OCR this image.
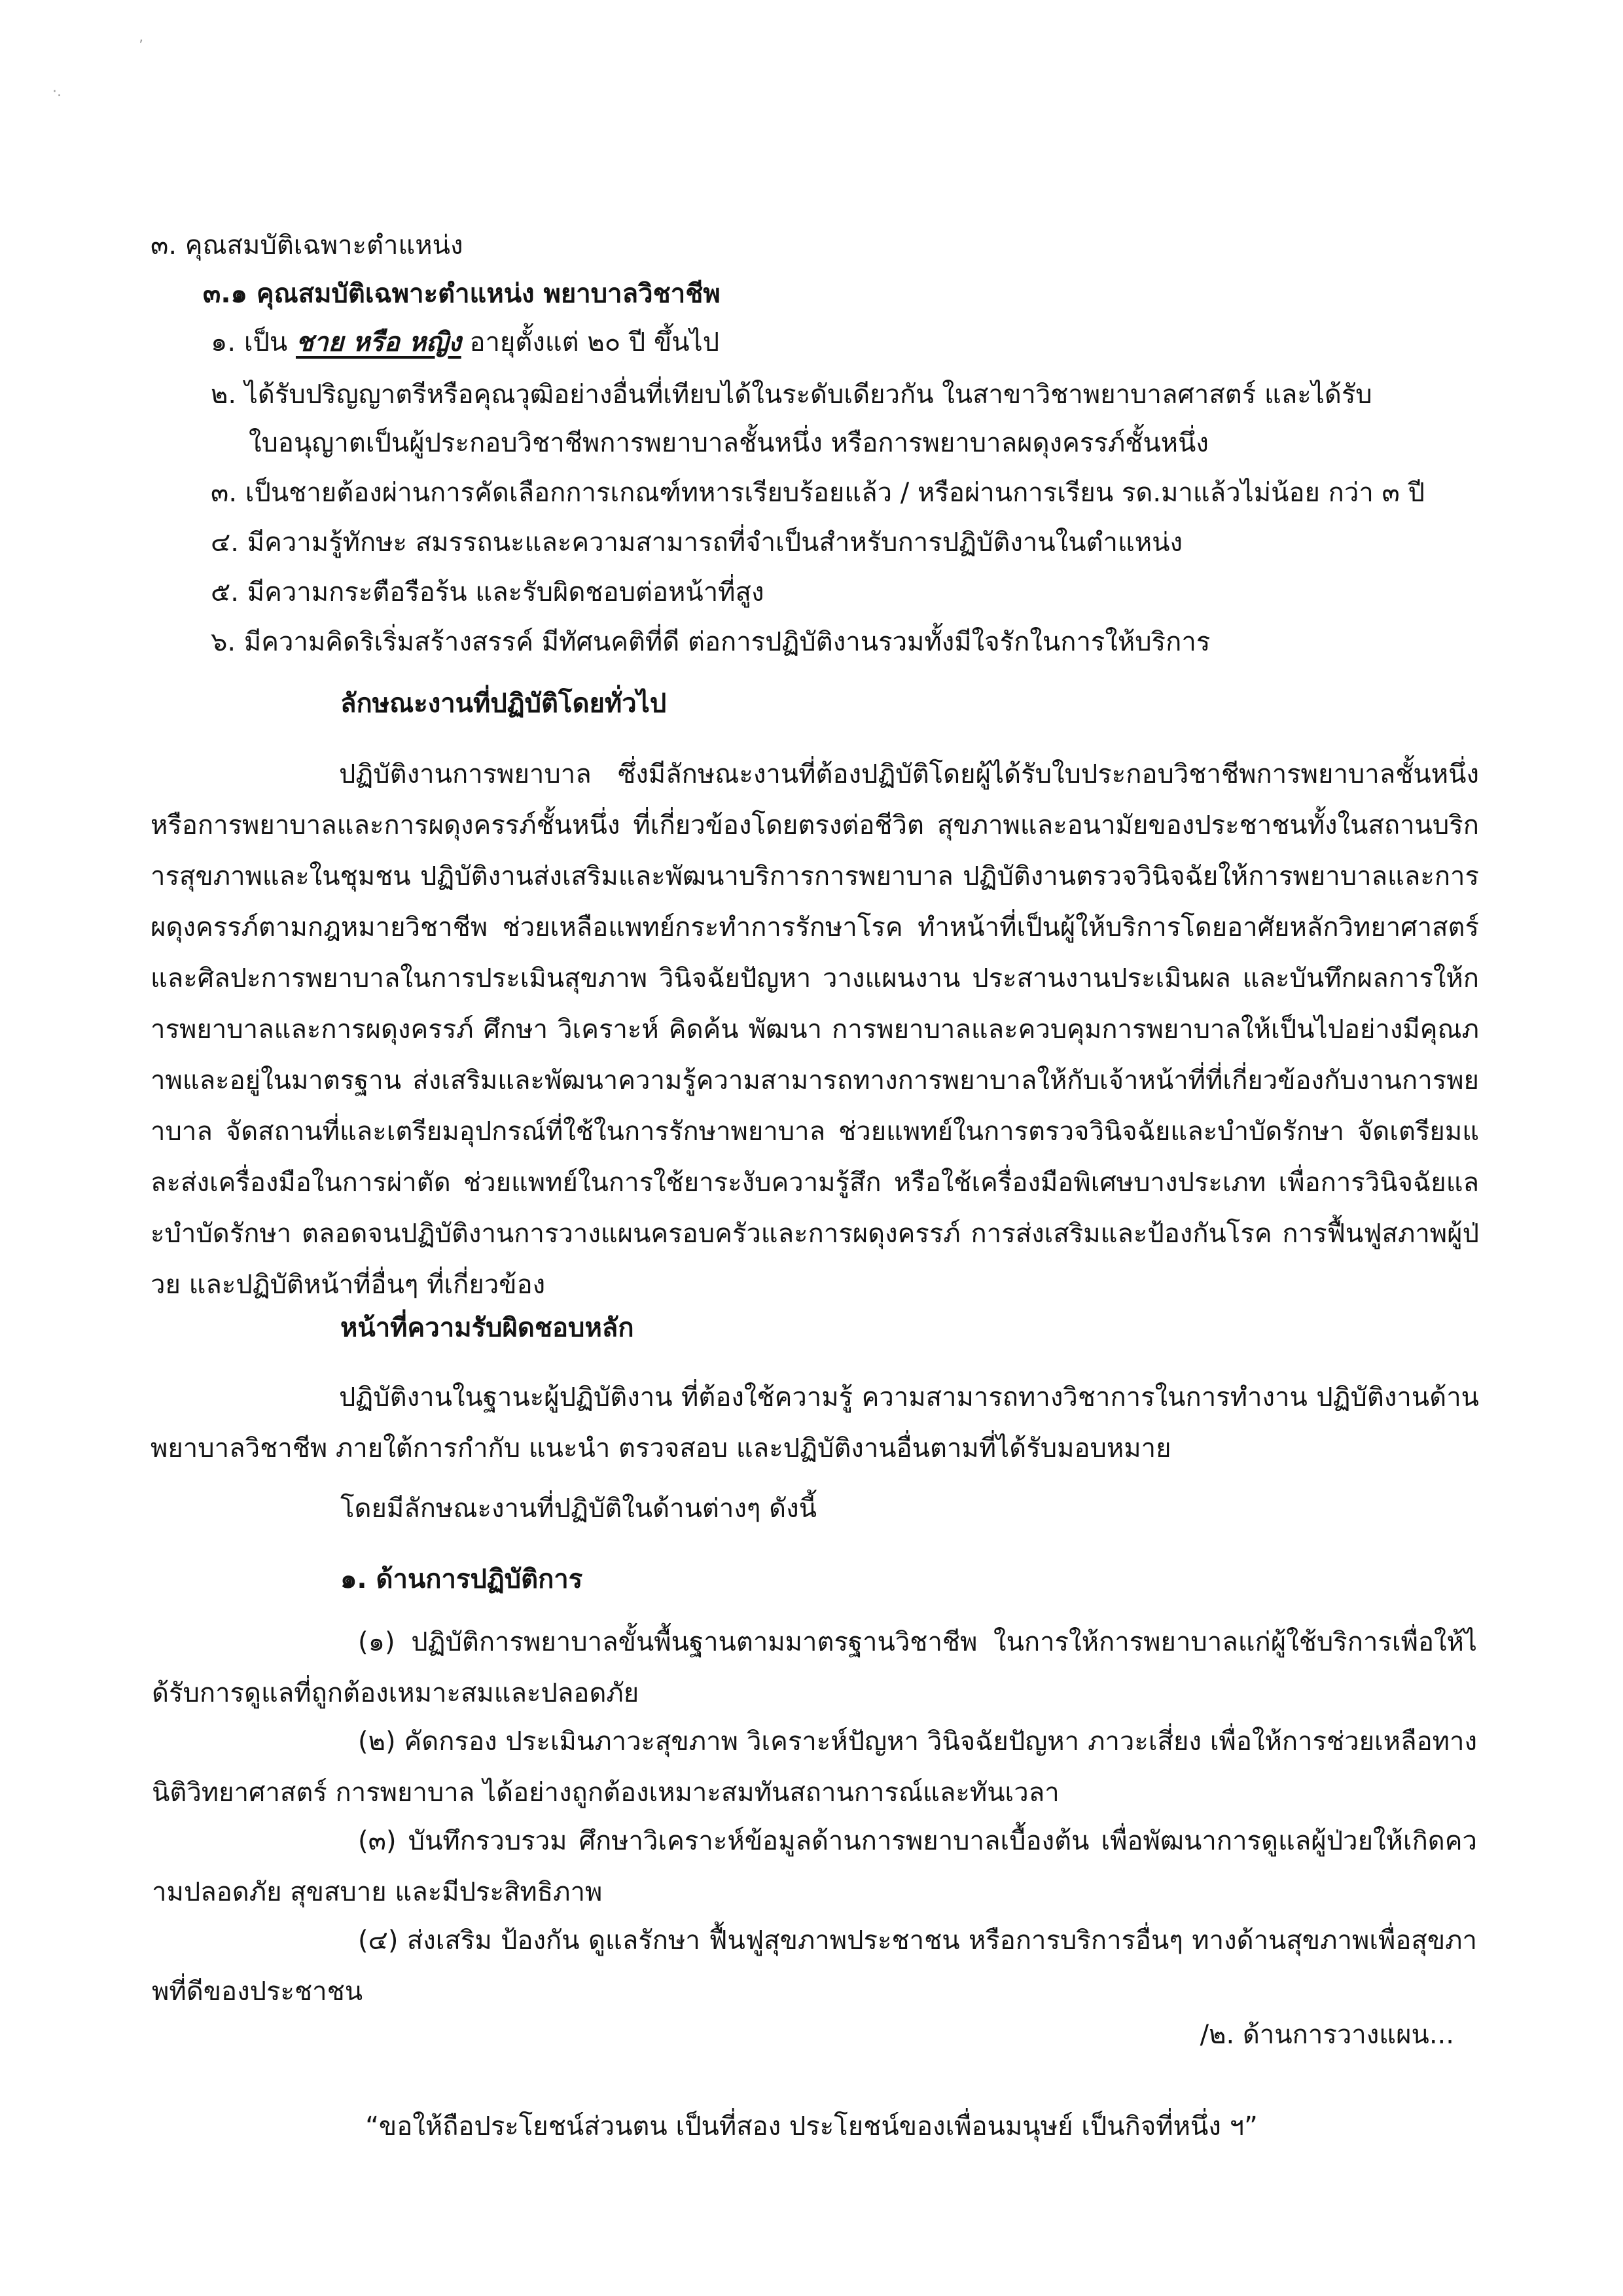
’
·.

๓. คุณสมบัติเฉพาะตำแหน่ง

๓.๑ คุณสมบัติเฉพาะตำแหน่ง พยาบาลวิชาชีพ

๑. เป็น ชาย หรือ หญิง อายุตั้งแต่ ๒๐ ปี ขึ้นไป

๒. ได้รับปริญญาตรีหรือคุณวุฒิอย่างอื่นที่เทียบได้ในระดับเดียวกัน ในสาขาวิชาพยาบาลศาสตร์ และได้รับ

ใบอนุญาตเป็นผู้ประกอบวิชาชีพการพยาบาลชั้นหนึ่ง หรือการพยาบาลผดุงครรภ์ชั้นหนึ่ง

๓. เป็นชายต้องผ่านการคัดเลือกการเกณฑ์ทหารเรียบร้อยแล้ว / หรือผ่านการเรียน รด.มาแล้วไม่น้อย กว่า ๓ ปี

๔. มีความรู้ทักษะ สมรรถนะและความสามารถที่จำเป็นสำหรับการปฏิบัติงานในตำแหน่ง

๕. มีความกระตือรือร้น และรับผิดชอบต่อหน้าที่สูง

๖. มีความคิดริเริ่มสร้างสรรค์ มีทัศนคติที่ดี ต่อการปฏิบัติงานรวมทั้งมีใจรักในการให้บริการ

ลักษณะงานที่ปฏิบัติโดยทั่วไป

ปฏิบัติงานการพยาบาล ซึ่งมีลักษณะงานที่ต้องปฏิบัติโดยผู้ได้รับใบประกอบวิชาชีพการพยาบาลชั้นหนึ่ง หรือการพยาบาลและการผดุงครรภ์ชั้นหนึ่ง ที่เกี่ยวข้องโดยตรงต่อชีวิต สุขภาพและอนามัยของประชาชนทั้งในสถานบริการสุขภาพและในชุมชน ปฏิบัติงานส่งเสริมและพัฒนาบริการการพยาบาล ปฏิบัติงานตรวจวินิจฉัยให้การพยาบาลและการผดุงครรภ์ตามกฎหมายวิชาชีพ ช่วยเหลือแพทย์กระทำการรักษาโรค ทำหน้าที่เป็นผู้ให้บริการโดยอาศัยหลักวิทยาศาสตร์และศิลปะการพยาบาลในการประเมินสุขภาพ วินิจฉัยปัญหา วางแผนงาน ประสานงานประเมินผล และบันทึกผลการให้การพยาบาลและการผดุงครรภ์ ศึกษา วิเคราะห์ คิดค้น พัฒนา การพยาบาลและควบคุมการพยาบาลให้เป็นไปอย่างมีคุณภาพและอยู่ในมาตรฐาน ส่งเสริมและพัฒนาความรู้ความสามารถทางการพยาบาลให้กับเจ้าหน้าที่ที่เกี่ยวข้องกับงานการพยาบาล จัดสถานที่และเตรียมอุปกรณ์ที่ใช้ในการรักษาพยาบาล ช่วยแพทย์ในการตรวจวินิจฉัยและบำบัดรักษา จัดเตรียมและส่งเครื่องมือในการผ่าตัด ช่วยแพทย์ในการใช้ยาระงับความรู้สึก หรือใช้เครื่องมือพิเศษบางประเภท เพื่อการวินิจฉัยและบำบัดรักษา ตลอดจนปฏิบัติงานการวางแผนครอบครัวและการผดุงครรภ์ การส่งเสริมและป้องกันโรค การฟื้นฟูสภาพผู้ป่วย และปฏิบัติหน้าที่อื่นๆ ที่เกี่ยวข้อง

หน้าที่ความรับผิดชอบหลัก

ปฏิบัติงานในฐานะผู้ปฏิบัติงาน ที่ต้องใช้ความรู้ ความสามารถทางวิชาการในการทำงาน ปฏิบัติงานด้านพยาบาลวิชาชีพ ภายใต้การกำกับ แนะนำ ตรวจสอบ และปฏิบัติงานอื่นตามที่ได้รับมอบหมาย

โดยมีลักษณะงานที่ปฏิบัติในด้านต่างๆ ดังนี้

๑. ด้านการปฏิบัติการ

(๑) ปฏิบัติการพยาบาลขั้นพื้นฐานตามมาตรฐานวิชาชีพ ในการให้การพยาบาลแก่ผู้ใช้บริการเพื่อให้ได้รับการดูแลที่ถูกต้องเหมาะสมและปลอดภัย

(๒) คัดกรอง ประเมินภาวะสุขภาพ วิเคราะห์ปัญหา วินิจฉัยปัญหา ภาวะเสี่ยง เพื่อให้การช่วยเหลือทางนิติวิทยาศาสตร์ การพยาบาล ได้อย่างถูกต้องเหมาะสมทันสถานการณ์และทันเวลา

(๓) บันทึกรวบรวม ศึกษาวิเคราะห์ข้อมูลด้านการพยาบาลเบื้องต้น เพื่อพัฒนาการดูแลผู้ป่วยให้เกิดความปลอดภัย สุขสบาย และมีประสิทธิภาพ

(๔) ส่งเสริม ป้องกัน ดูแลรักษา ฟื้นฟูสุขภาพประชาชน หรือการบริการอื่นๆ ทางด้านสุขภาพเพื่อสุขภาพที่ดีของประชาชน

/๒. ด้านการวางแผน...

“ขอให้ถือประโยชน์ส่วนตน เป็นที่สอง ประโยชน์ของเพื่อนมนุษย์ เป็นกิจที่หนึ่ง ฯ”
